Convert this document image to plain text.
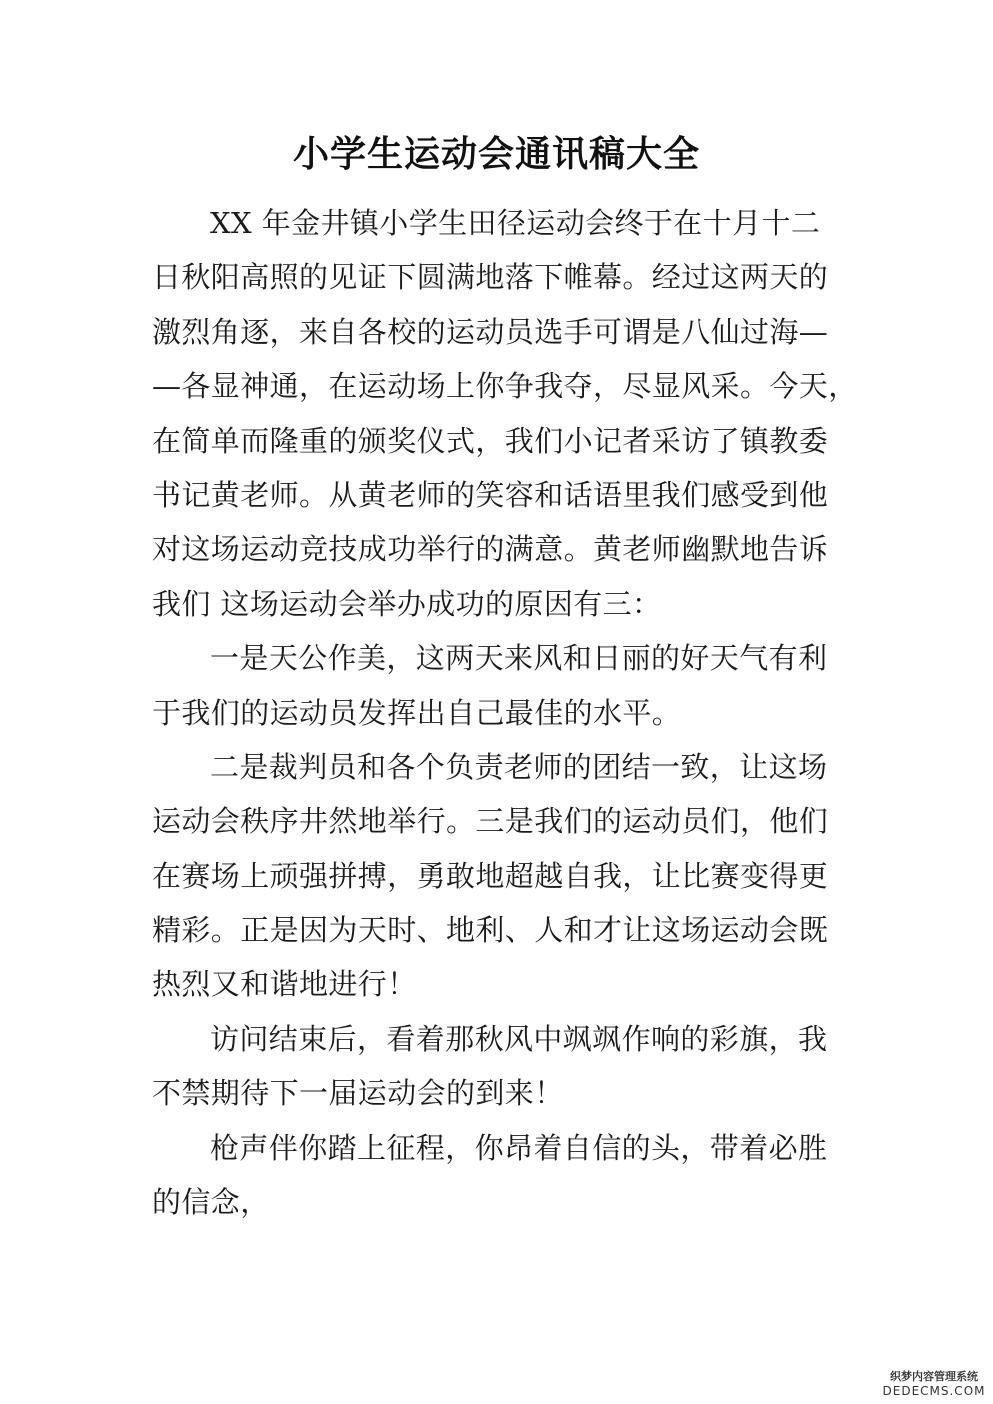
小学生运动会通讯稿大全
XX 年金井镇小学生田径运动会终于在十月十二
日秋阳高照的见证下圆满地落下帷幕。经过这两天的
激烈角逐，来自各校的运动员选手可谓是八仙过海—
—各显神通，在运动场上你争我夺，尽显风采。今天，
在简单而隆重的颁奖仪式，我们小记者采访了镇教委
书记黄老师。从黄老师的笑容和话语里我们感受到他
对这场运动竞技成功举行的满意。黄老师幽默地告诉
我们 这场运动会举办成功的原因有三：
一是天公作美，这两天来风和日丽的好天气有利
于我们的运动员发挥出自己最佳的水平。
二是裁判员和各个负责老师的团结一致，让这场
运动会秩序井然地举行。三是我们的运动员们，他们
在赛场上顽强拼搏，勇敢地超越自我，让比赛变得更
精彩。正是因为天时、地利、人和才让这场运动会既
热烈又和谐地进行！
访问结束后，看着那秋风中飒飒作响的彩旗，我
不禁期待下一届运动会的到来！
枪声伴你踏上征程，你昂着自信的头，带着必胜
的信念，
织梦内容管理系统
DEDECMS.COM
